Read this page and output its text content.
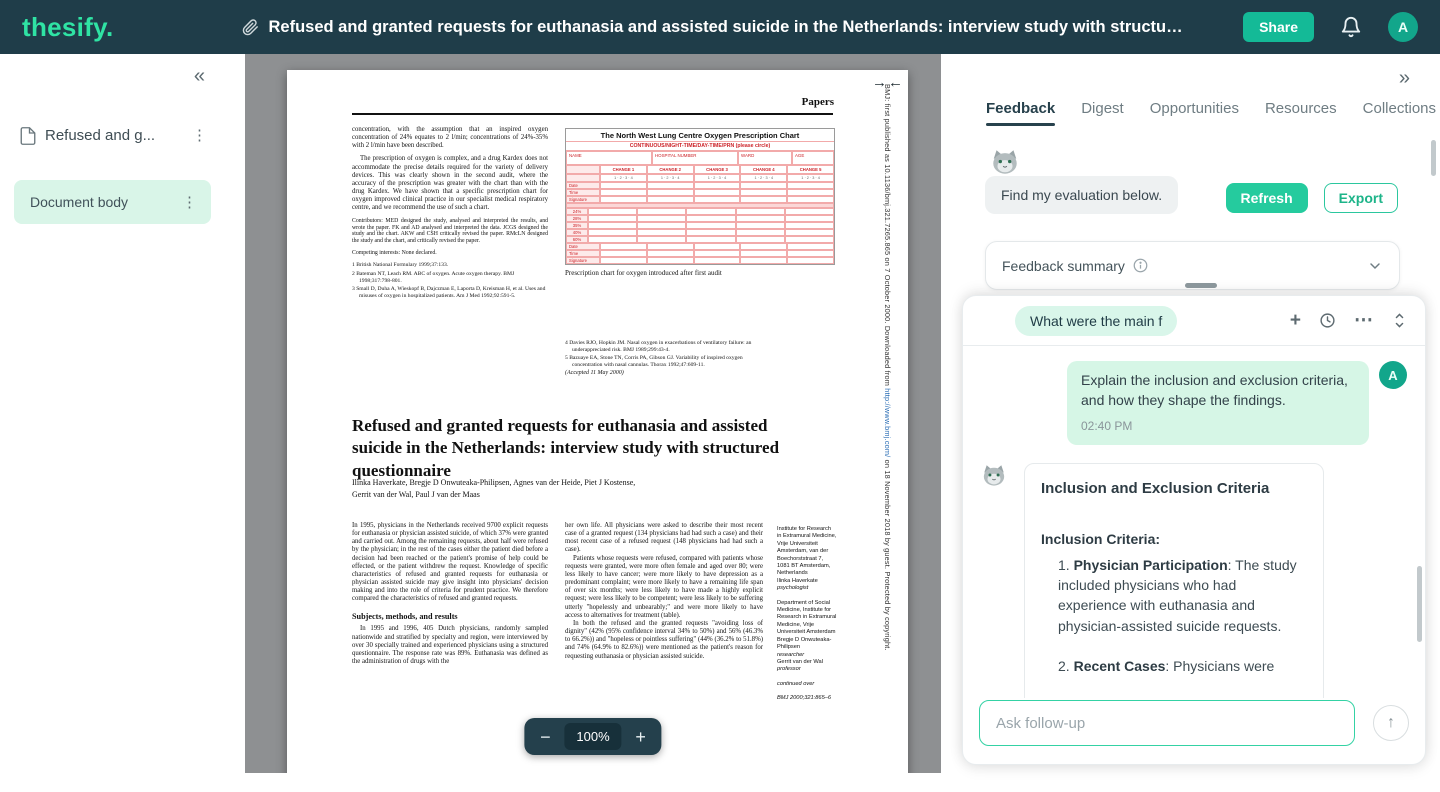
thesify.	Refused and granted requests for euthanasia and assisted suicide in the Netherlands: interview study with structu…	Share	A
«
Refused and g...	⋮
Document body	⋮
→ ←
Papers

concentration, with the assumption that an inspired oxygen concentration of 24% equates to 2 l/min; concentrations of 24%-35% with 2 l/min have been described.

The prescription of oxygen is complex, and a drug Kardex does not accommodate the precise details required for the variety of delivery devices. This was clearly shown in the second audit, where the accuracy of the prescription was greater with the chart than with the drug Kardex. We have shown that a specific prescription chart for oxygen improved clinical practice in our specialist medical respiratory centre, and we recommend the use of such a chart.

Contributors: MED designed the study, analysed and interpreted the results, and wrote the paper. FK and AD analysed and interpreted the data. JCGS designed the study and the chart. AKW and CSH critically revised the paper. RMcLN designed the study and the chart, and critically revised the paper.

Competing interests: None declared.

1 British National Formulary 1999;37:133.
2 Bateman NT, Leach RM. ABC of oxygen. Acute oxygen therapy. BMJ 1998;317:798-801.
3 Small D, Duha A, Wieskopf B, Dajczman E, Laporta D, Kreisman H, et al. Uses and misuses of oxygen in hospitalized patients. Am J Med 1992;92:591-5.
The North West Lung Centre Oxygen Prescription Chart
CONTINUOUS/NIGHT-TIME/DAY-TIME/PRN (please circle)
NAME	HOSPITAL NUMBER	WARD	AGE
CHANGE 1	CHANGE 2	CHANGE 3	CHANGE 4	CHANGE 5
1 · 2 · 3 · 4	1 · 2 · 3 · 4	1 · 2 · 3 · 4	1 · 2 · 3 · 4	1 · 2 · 3 · 4
Date
Time
Signature
24%
28%
35%
40%
60%
Date
Time
Signature
Prescription chart for oxygen introduced after first audit
4 Davies RJO, Hopkin JM. Nasal oxygen in exacerbations of ventilatory failure: an underappreciated risk. BMJ 1989;299:43-4.
5 Bazuaye EA, Stone TN, Corris PA, Gibson GJ. Variability of inspired oxygen concentration with nasal cannulas. Thorax 1992;47:609-11.
(Accepted 11 May 2000)
Refused and granted requests for euthanasia and assisted suicide in the Netherlands: interview study with structured questionnaire
Ilinka Haverkate, Bregje D Onwuteaka-Philipsen, Agnes van der Heide, Piet J Kostense,
Gerrit van der Wal, Paul J van der Maas

In 1995, physicians in the Netherlands received 9700 explicit requests for euthanasia or physician assisted suicide, of which 37% were granted and carried out. Among the remaining requests, about half were refused by the physician; in the rest of the cases either the patient died before a decision had been reached or the patient's promise of help could be effected, or the patient withdrew the request. Knowledge of specific characteristics of refused and granted requests for euthanasia or physician assisted suicide may give insight into physicians' decision making and into the role of criteria for prudent practice. We therefore compared the characteristics of refused and granted requests.

Subjects, methods, and results

In 1995 and 1996, 405 Dutch physicians, randomly sampled nationwide and stratified by specialty and region, were interviewed by over 30 specially trained and experienced physicians using a structured questionnaire. The response rate was 89%. Euthanasia was defined as the administration of drugs with the

her own life. All physicians were asked to describe their most recent case of a granted request (134 physicians had had such a case) and their most recent case of a refused request (148 physicians had had such a case).

Patients whose requests were refused, compared with patients whose requests were granted, were more often female and aged over 80; were less likely to have cancer; were more likely to have depression as a predominant complaint; were more likely to have a remaining life span of over six months; were less likely to have made a highly explicit request; were less likely to be competent; were less likely to be suffering utterly "hopelessly and unbearably;" and were more likely to have access to alternatives for treatment (table).

In both the refused and the granted requests "avoiding loss of dignity" (42% (95% confidence interval 34% to 50%) and 56% (46.3% to 66.2%)) and "hopeless or pointless suffering" (44% (36.2% to 51.8%) and 74% (64.9% to 82.6%)) were mentioned as the patient's reason for requesting euthanasia or physician assisted suicide.

Institute for Research in Extramural Medicine, Vrije Universiteit Amsterdam, van der Boechorststraat 7, 1081 BT Amsterdam, Netherlands
Ilinka Haverkate
psychologist
Department of Social Medicine, Institute for Research in Extramural Medicine, Vrije Universiteit Amsterdam
Bregje D Onwuteaka-Philipsen
researcher
Gerrit van der Wal
professor
continued over
BMJ 2000;321:865–6
BMJ: first published as 10.1136/bmj.321.7265.865 on 7 October 2000. Downloaded from http://www.bmj.com/ on 18 November 2018 by guest. Protected by copyright.
−	100%	+
»
Feedback Digest Opportunities Resources Collections
Find my evaluation below.	Refresh	Export
Feedback summary
What were the main f	+	⋯
Explain the inclusion and exclusion criteria, and how they shape the findings.
02:40 PM
A
Inclusion and Exclusion Criteria
Inclusion Criteria:
1. Physician Participation: The study included physicians who had experience with euthanasia and physician-assisted suicide requests.
2. Recent Cases: Physicians were
Ask follow-up
↑
